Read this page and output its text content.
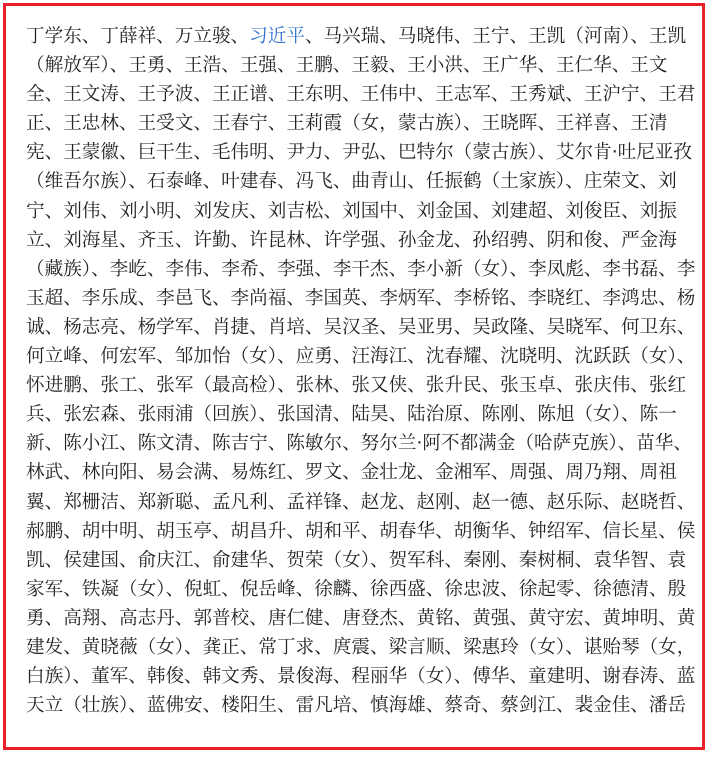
丁学东、丁薛祥、万立骏、习近平、马兴瑞、马晓伟、王宁、王凯（河南）、王凯（解放军）、王勇、王浩、王强、王鹏、王毅、王小洪、王广华、王仁华、王文全、王文涛、王予波、王正谱、王东明、王伟中、王志军、王秀斌、王沪宁、王君正、王忠林、王受文、王春宁、王莉霞（女，蒙古族）、王晓晖、王祥喜、王清宪、王蒙徽、巨干生、毛伟明、尹力、尹弘、巴特尔（蒙古族）、艾尔肯·吐尼亚孜（维吾尔族）、石泰峰、叶建春、冯飞、曲青山、任振鹤（土家族）、庄荣文、刘宁、刘伟、刘小明、刘发庆、刘吉松、刘国中、刘金国、刘建超、刘俊臣、刘振立、刘海星、齐玉、许勤、许昆林、许学强、孙金龙、孙绍骋、阴和俊、严金海（藏族）、李屹、李伟、李希、李强、李干杰、李小新（女）、李凤彪、李书磊、李玉超、李乐成、李邑飞、李尚福、李国英、李炳军、李桥铭、李晓红、李鸿忠、杨诚、杨志亮、杨学军、肖捷、肖培、吴汉圣、吴亚男、吴政隆、吴晓军、何卫东、何立峰、何宏军、邹加怡（女）、应勇、汪海江、沈春耀、沈晓明、沈跃跃（女）、怀进鹏、张工、张军（最高检）、张林、张又侠、张升民、张玉卓、张庆伟、张红兵、张宏森、张雨浦（回族）、张国清、陆昊、陆治原、陈刚、陈旭（女）、陈一新、陈小江、陈文清、陈吉宁、陈敏尔、努尔兰·阿不都满金（哈萨克族）、苗华、林武、林向阳、易会满、易炼红、罗文、金壮龙、金湘军、周强、周乃翔、周祖翼、郑栅洁、郑新聪、孟凡利、孟祥锋、赵龙、赵刚、赵一德、赵乐际、赵晓哲、郝鹏、胡中明、胡玉亭、胡昌升、胡和平、胡春华、胡衡华、钟绍军、信长星、侯凯、侯建国、俞庆江、俞建华、贺荣（女）、贺军科、秦刚、秦树桐、袁华智、袁家军、铁凝（女）、倪虹、倪岳峰、徐麟、徐西盛、徐忠波、徐起零、徐德清、殷勇、高翔、高志丹、郭普校、唐仁健、唐登杰、黄铭、黄强、黄守宏、黄坤明、黄建发、黄晓薇（女）、龚正、常丁求、庹震、梁言顺、梁惠玲（女）、谌贻琴（女，白族）、董军、韩俊、韩文秀、景俊海、程丽华（女）、傅华、童建明、谢春涛、蓝天立（壮族）、蓝佛安、楼阳生、雷凡培、慎海雄、蔡奇、蔡剑江、裴金佳、潘岳
